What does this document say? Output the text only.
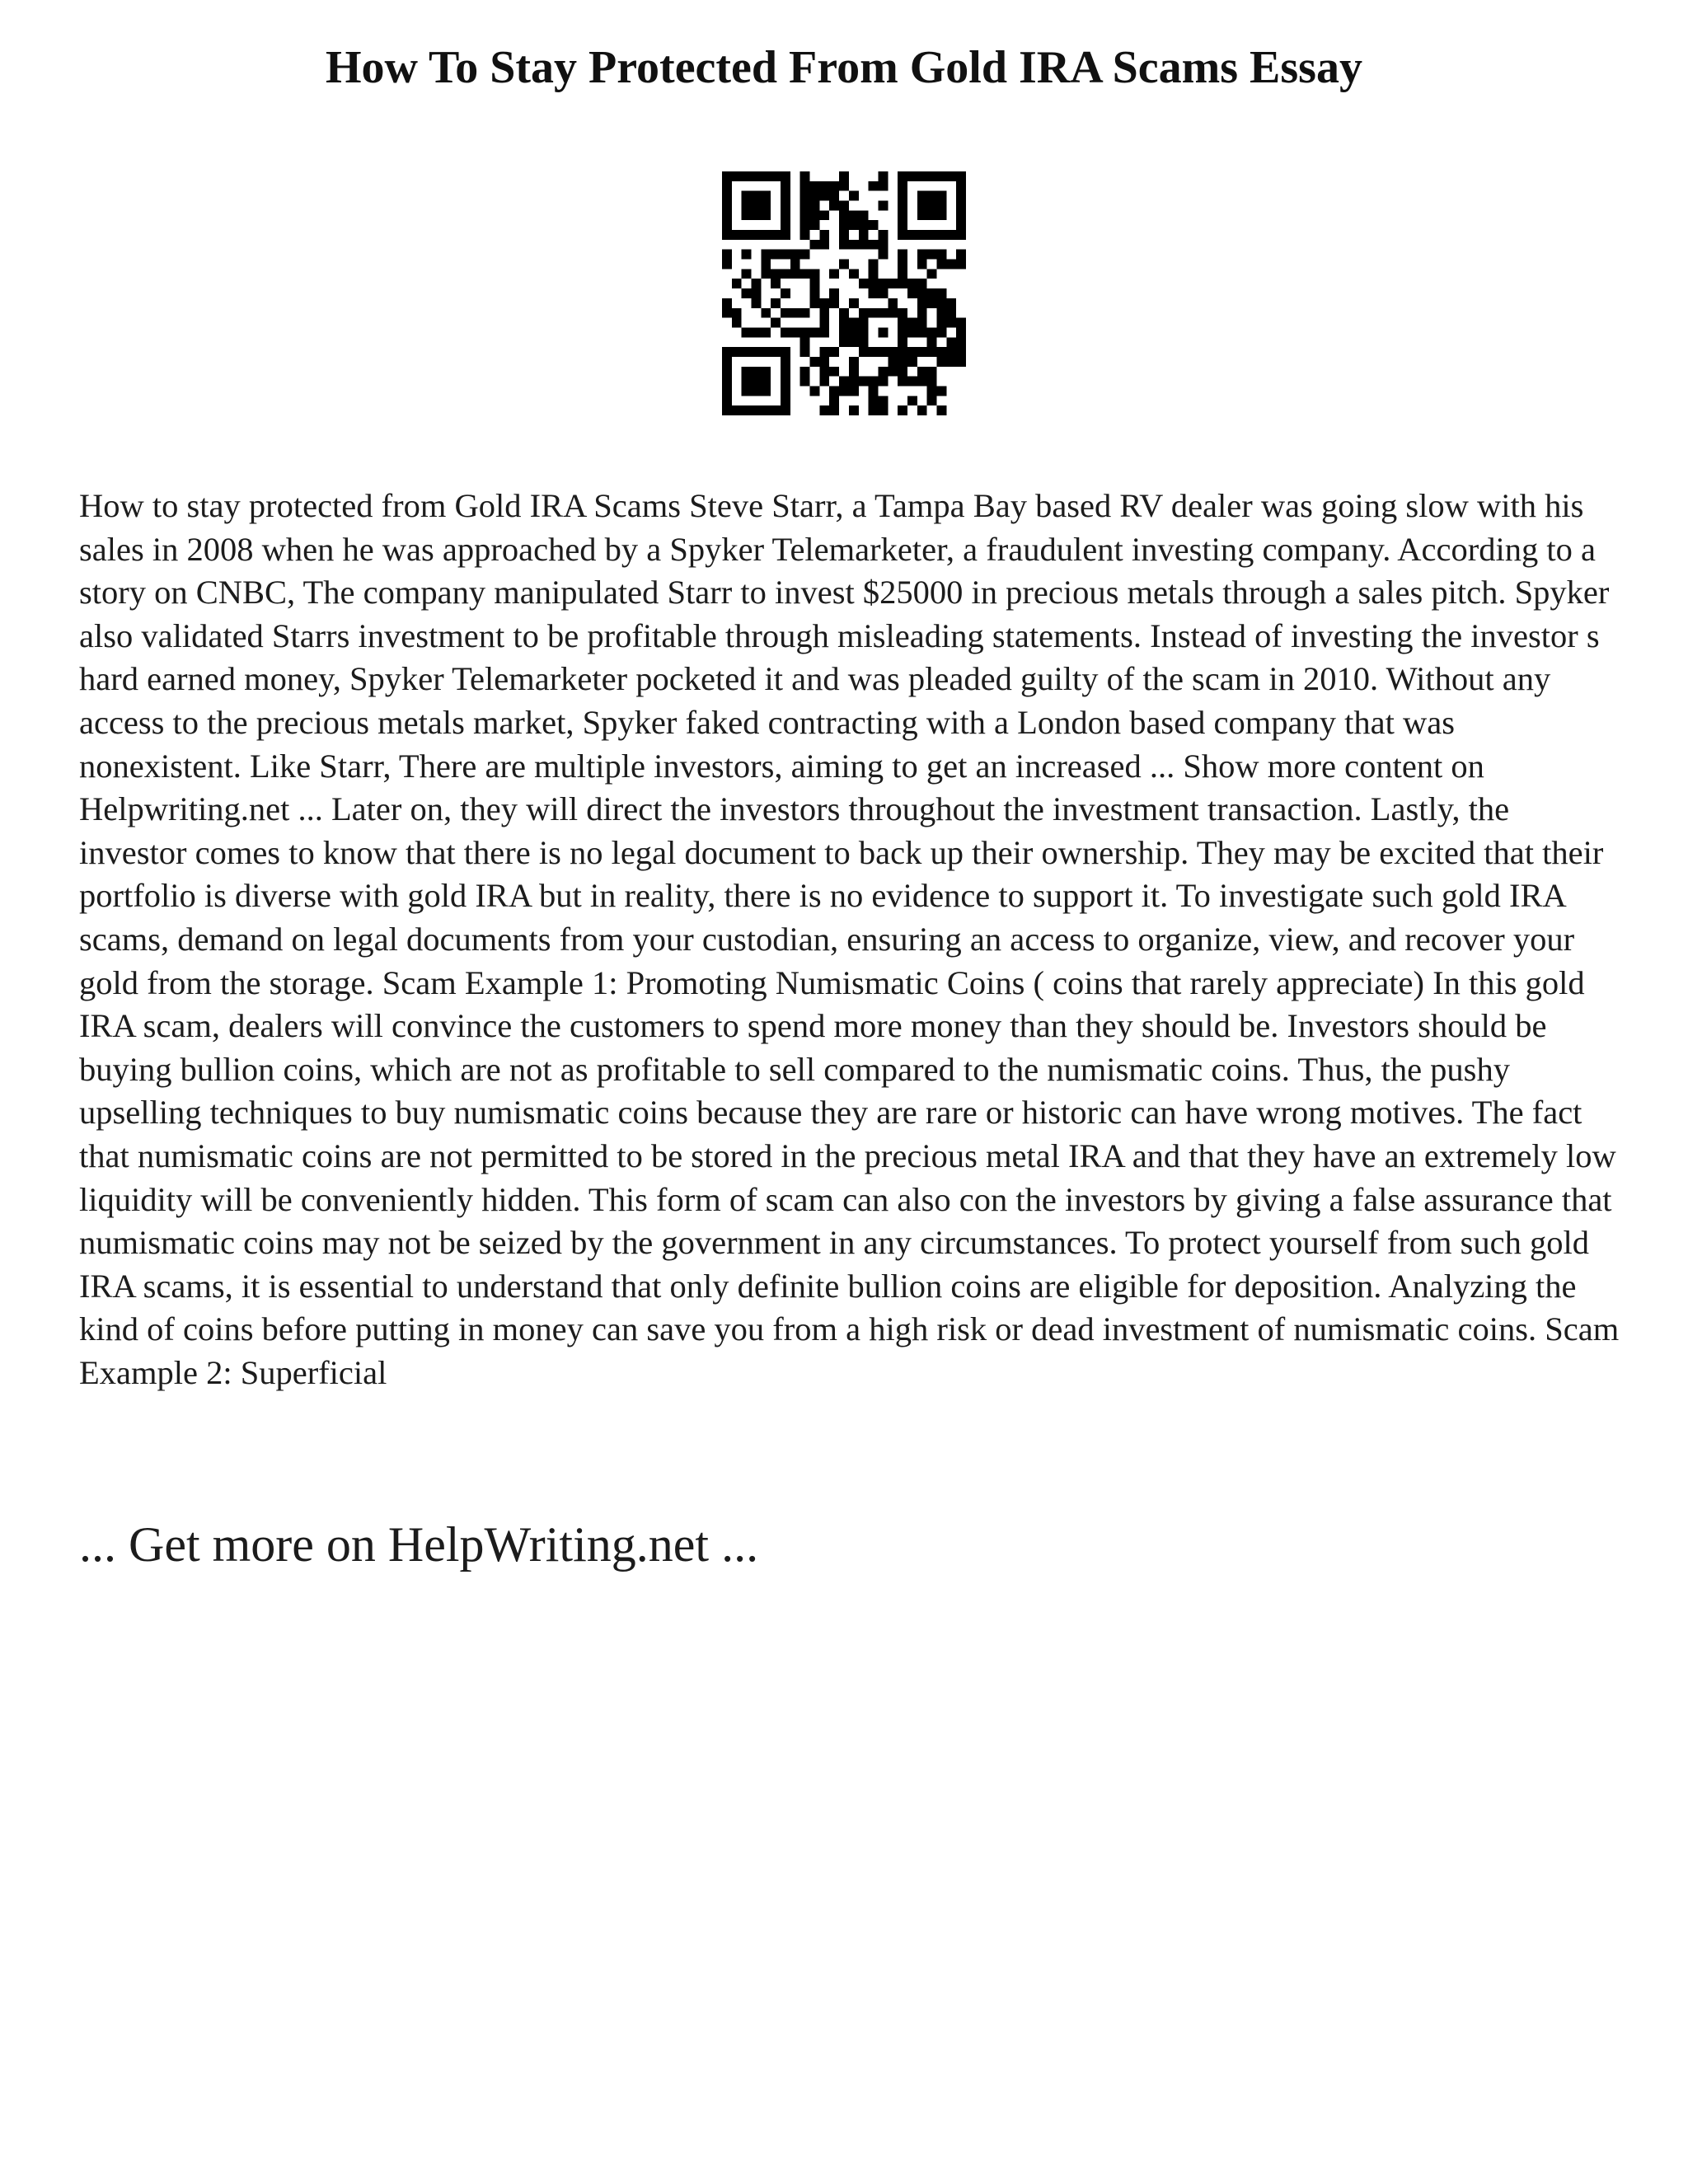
How To Stay Protected From Gold IRA Scams Essay

How to stay protected from Gold IRA Scams Steve Starr, a Tampa Bay based RV dealer was going slow with his sales in 2008 when he was approached by a Spyker Telemarketer, a fraudulent investing company. According to a story on CNBC, The company manipulated Starr to invest $25000 in precious metals through a sales pitch. Spyker also validated Starrs investment to be profitable through misleading statements. Instead of investing the investor s hard earned money, Spyker Telemarketer pocketed it and was pleaded guilty of the scam in 2010. Without any access to the precious metals market, Spyker faked contracting with a London based company that was nonexistent. Like Starr, There are multiple investors, aiming to get an increased ... Show more content on Helpwriting.net ... Later on, they will direct the investors throughout the investment transaction. Lastly, the investor comes to know that there is no legal document to back up their ownership. They may be excited that their portfolio is diverse with gold IRA but in reality, there is no evidence to support it. To investigate such gold IRA scams, demand on legal documents from your custodian, ensuring an access to organize, view, and recover your gold from the storage. Scam Example 1: Promoting Numismatic Coins ( coins that rarely appreciate) In this gold IRA scam, dealers will convince the customers to spend more money than they should be. Investors should be buying bullion coins, which are not as profitable to sell compared to the numismatic coins. Thus, the pushy upselling techniques to buy numismatic coins because they are rare or historic can have wrong motives. The fact that numismatic coins are not permitted to be stored in the precious metal IRA and that they have an extremely low liquidity will be conveniently hidden. This form of scam can also con the investors by giving a false assurance that numismatic coins may not be seized by the government in any circumstances. To protect yourself from such gold IRA scams, it is essential to understand that only definite bullion coins are eligible for deposition. Analyzing the kind of coins before putting in money can save you from a high risk or dead investment of numismatic coins. Scam Example 2: Superficial

... Get more on HelpWriting.net ...
